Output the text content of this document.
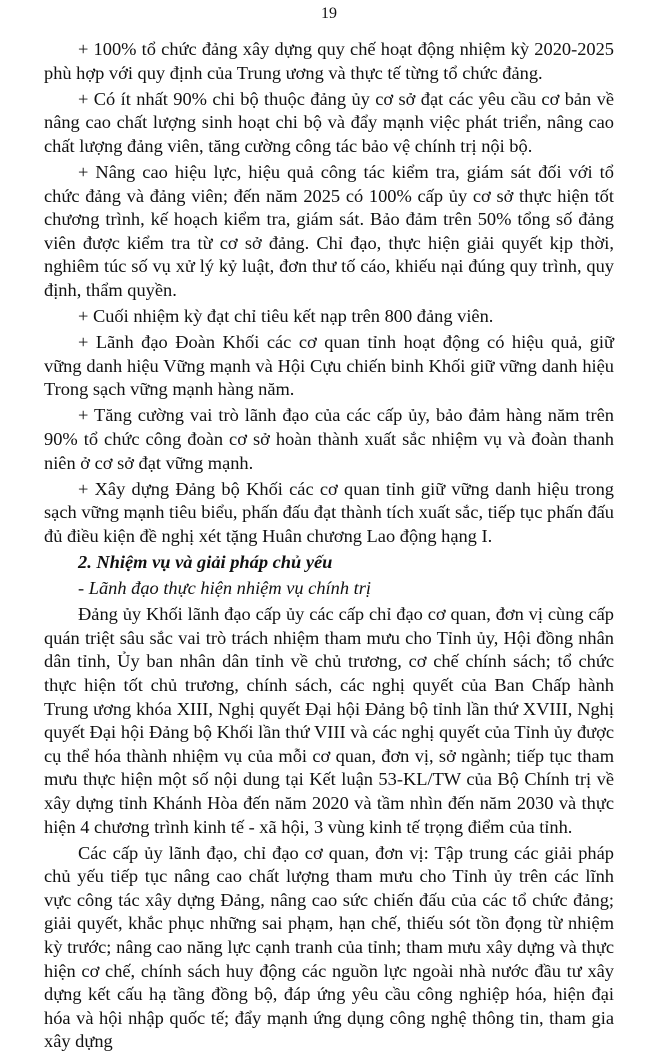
19

+ 100% tổ chức đảng xây dựng quy chế hoạt động nhiệm kỳ 2020-2025 phù hợp với quy định của Trung ương và thực tế từng tổ chức đảng.

+ Có ít nhất 90% chi bộ thuộc đảng ủy cơ sở đạt các yêu cầu cơ bản về nâng cao chất lượng sinh hoạt chi bộ và đẩy mạnh việc phát triển, nâng cao chất lượng đảng viên, tăng cường công tác bảo vệ chính trị nội bộ.

+ Nâng cao hiệu lực, hiệu quả công tác kiểm tra, giám sát đối với tổ chức đảng và đảng viên; đến năm 2025 có 100% cấp ủy cơ sở thực hiện tốt chương trình, kế hoạch kiểm tra, giám sát. Bảo đảm trên 50% tổng số đảng viên được kiểm tra từ cơ sở đảng. Chỉ đạo, thực hiện giải quyết kịp thời, nghiêm túc số vụ xử lý kỷ luật, đơn thư tố cáo, khiếu nại đúng quy trình, quy định, thẩm quyền.

+ Cuối nhiệm kỳ đạt chỉ tiêu kết nạp trên 800 đảng viên.

+ Lãnh đạo Đoàn Khối các cơ quan tỉnh hoạt động có hiệu quả, giữ vững danh hiệu Vững mạnh và Hội Cựu chiến binh Khối giữ vững danh hiệu Trong sạch vững mạnh hàng năm.

+ Tăng cường vai trò lãnh đạo của các cấp ủy, bảo đảm hàng năm trên 90% tổ chức công đoàn cơ sở hoàn thành xuất sắc nhiệm vụ và đoàn thanh niên ở cơ sở đạt vững mạnh.

+ Xây dựng Đảng bộ Khối các cơ quan tỉnh giữ vững danh hiệu trong sạch vững mạnh tiêu biểu, phấn đấu đạt thành tích xuất sắc, tiếp tục phấn đấu đủ điều kiện đề nghị xét tặng Huân chương Lao động hạng I.

2. Nhiệm vụ và giải pháp chủ yếu

- Lãnh đạo thực hiện nhiệm vụ chính trị

Đảng ủy Khối lãnh đạo cấp ủy các cấp chỉ đạo cơ quan, đơn vị cùng cấp quán triệt sâu sắc vai trò trách nhiệm tham mưu cho Tỉnh ủy, Hội đồng nhân dân tỉnh, Ủy ban nhân dân tỉnh về chủ trương, cơ chế chính sách; tổ chức thực hiện tốt chủ trương, chính sách, các nghị quyết của Ban Chấp hành Trung ương khóa XIII, Nghị quyết Đại hội Đảng bộ tỉnh lần thứ XVIII, Nghị quyết Đại hội Đảng bộ Khối lần thứ VIII và các nghị quyết của Tỉnh ủy được cụ thể hóa thành nhiệm vụ của mỗi cơ quan, đơn vị, sở ngành; tiếp tục tham mưu thực hiện một số nội dung tại Kết luận 53-KL/TW của Bộ Chính trị về xây dựng tỉnh Khánh Hòa đến năm 2020 và tầm nhìn đến năm 2030 và thực hiện 4 chương trình kinh tế - xã hội, 3 vùng kinh tế trọng điểm của tỉnh.

Các cấp ủy lãnh đạo, chỉ đạo cơ quan, đơn vị: Tập trung các giải pháp chủ yếu tiếp tục nâng cao chất lượng tham mưu cho Tỉnh ủy trên các lĩnh vực công tác xây dựng Đảng, nâng cao sức chiến đấu của các tổ chức đảng; giải quyết, khắc phục những sai phạm, hạn chế, thiếu sót tồn đọng từ nhiệm kỳ trước; nâng cao năng lực cạnh tranh của tỉnh; tham mưu xây dựng và thực hiện cơ chế, chính sách huy động các nguồn lực ngoài nhà nước đầu tư xây dựng kết cấu hạ tầng đồng bộ, đáp ứng yêu cầu công nghiệp hóa, hiện đại hóa và hội nhập quốc tế; đẩy mạnh ứng dụng công nghệ thông tin, tham gia xây dựng
